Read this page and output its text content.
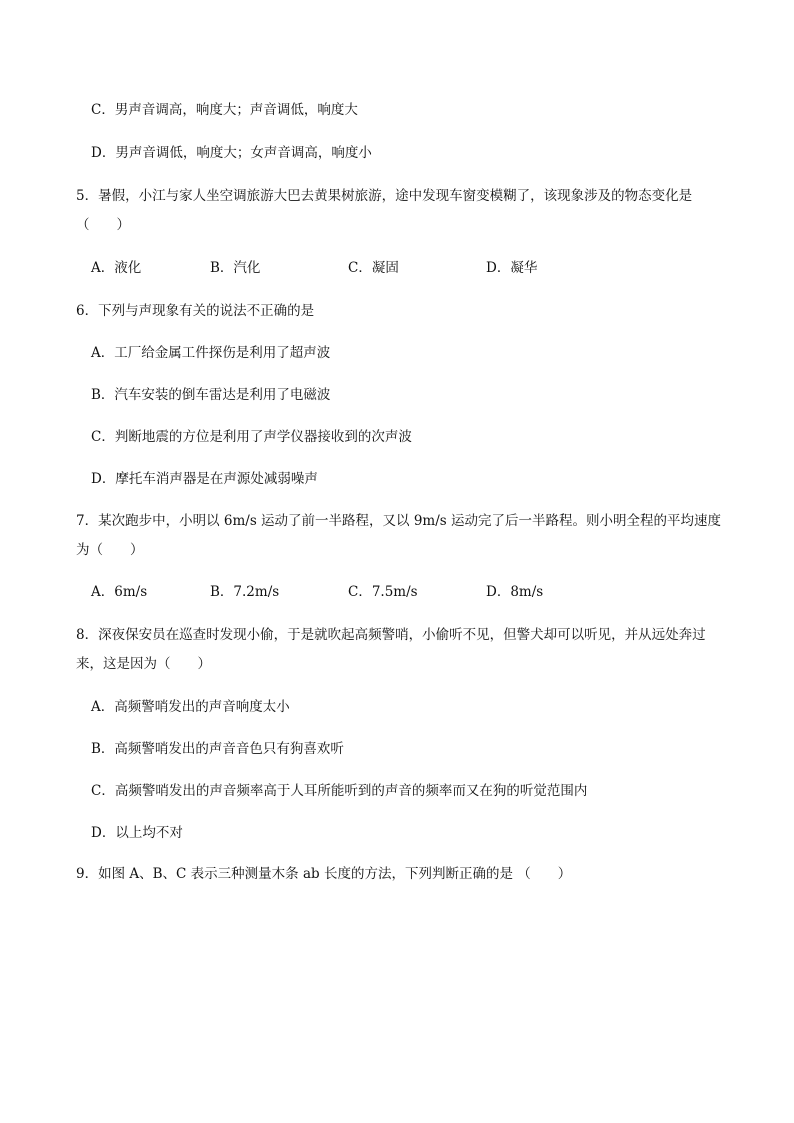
C．男声音调高，响度大；声音调低，响度大
D．男声音调低，响度大；女声音调高，响度小
5．暑假，小江与家人坐空调旅游大巴去黄果树旅游，途中发现车窗变模糊了，该现象涉及的物态变化是
（　　）
A．液化	B．汽化	C．凝固	D．凝华
6．下列与声现象有关的说法不正确的是
A．工厂给金属工件探伤是利用了超声波
B．汽车安装的倒车雷达是利用了电磁波
C．判断地震的方位是利用了声学仪器接收到的次声波
D．摩托车消声器是在声源处减弱噪声
7．某次跑步中，小明以 6m/s 运动了前一半路程，又以 9m/s 运动完了后一半路程。则小明全程的平均速度
为（　　）
A．6m/s	B．7.2m/s	C．7.5m/s	D．8m/s
8．深夜保安员在巡查时发现小偷，于是就吹起高频警哨，小偷听不见，但警犬却可以听见，并从远处奔过
来，这是因为（　　）
A．高频警哨发出的声音响度太小
B．高频警哨发出的声音音色只有狗喜欢听
C．高频警哨发出的声音频率高于人耳所能听到的声音的频率而又在狗的听觉范围内
D．以上均不对
9．如图 A、B、C 表示三种测量木条 ab 长度的方法，下列判断正确的是 （　　）
